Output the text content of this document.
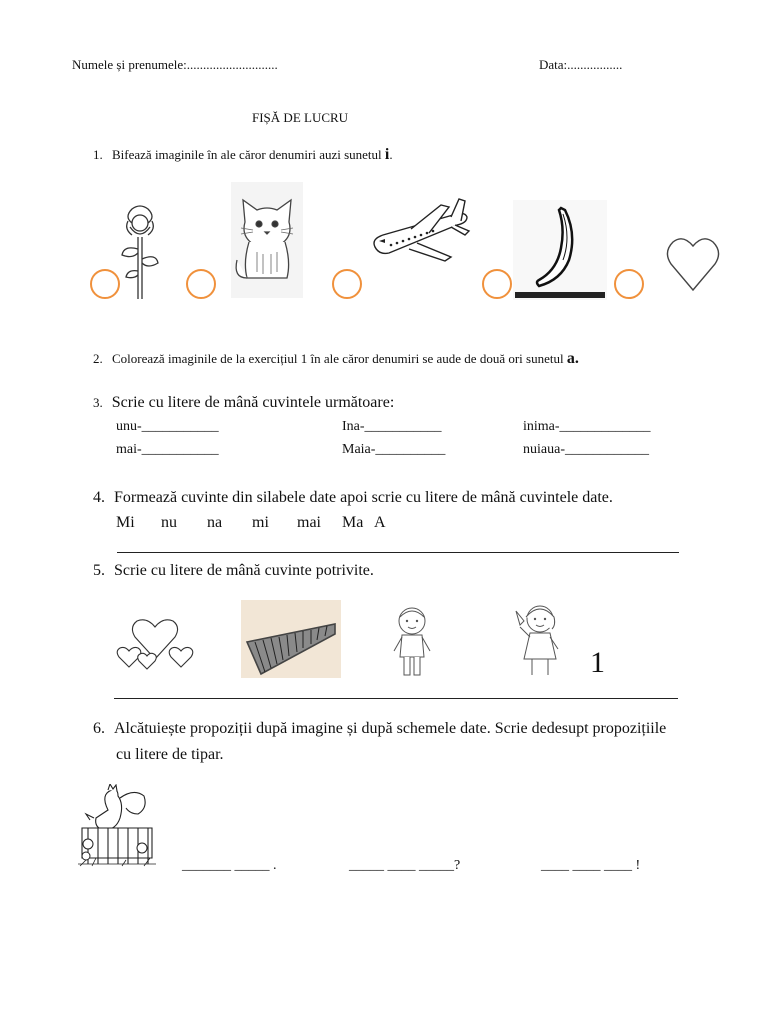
Numele și prenumele:............................	Data:.................
FIȘĂ DE LUCRU
1. Bifează imaginile în ale căror denumiri auzi sunetul i.
2. Colorează imaginile de la exercițiul 1 în ale căror denumiri se aude de două ori sunetul a.
3. Scrie cu litere de mână cuvintele următoare:
unu-___________	Ina-___________	inima-_____________
mai-___________	Maia-__________	nuiaua-____________
4. Formează cuvinte din silabele date apoi scrie cu litere de mână cuvintele date.
Mi nu na mi mai Ma A
5. Scrie cu litere de mână cuvinte potrivite.
1
6. Alcătuiește propoziții după imagine și după schemele date. Scrie dedesupt propozițiile
cu litere de tipar.
_______ _____ .	_____ ____ _____?	____ ____ ____ !
